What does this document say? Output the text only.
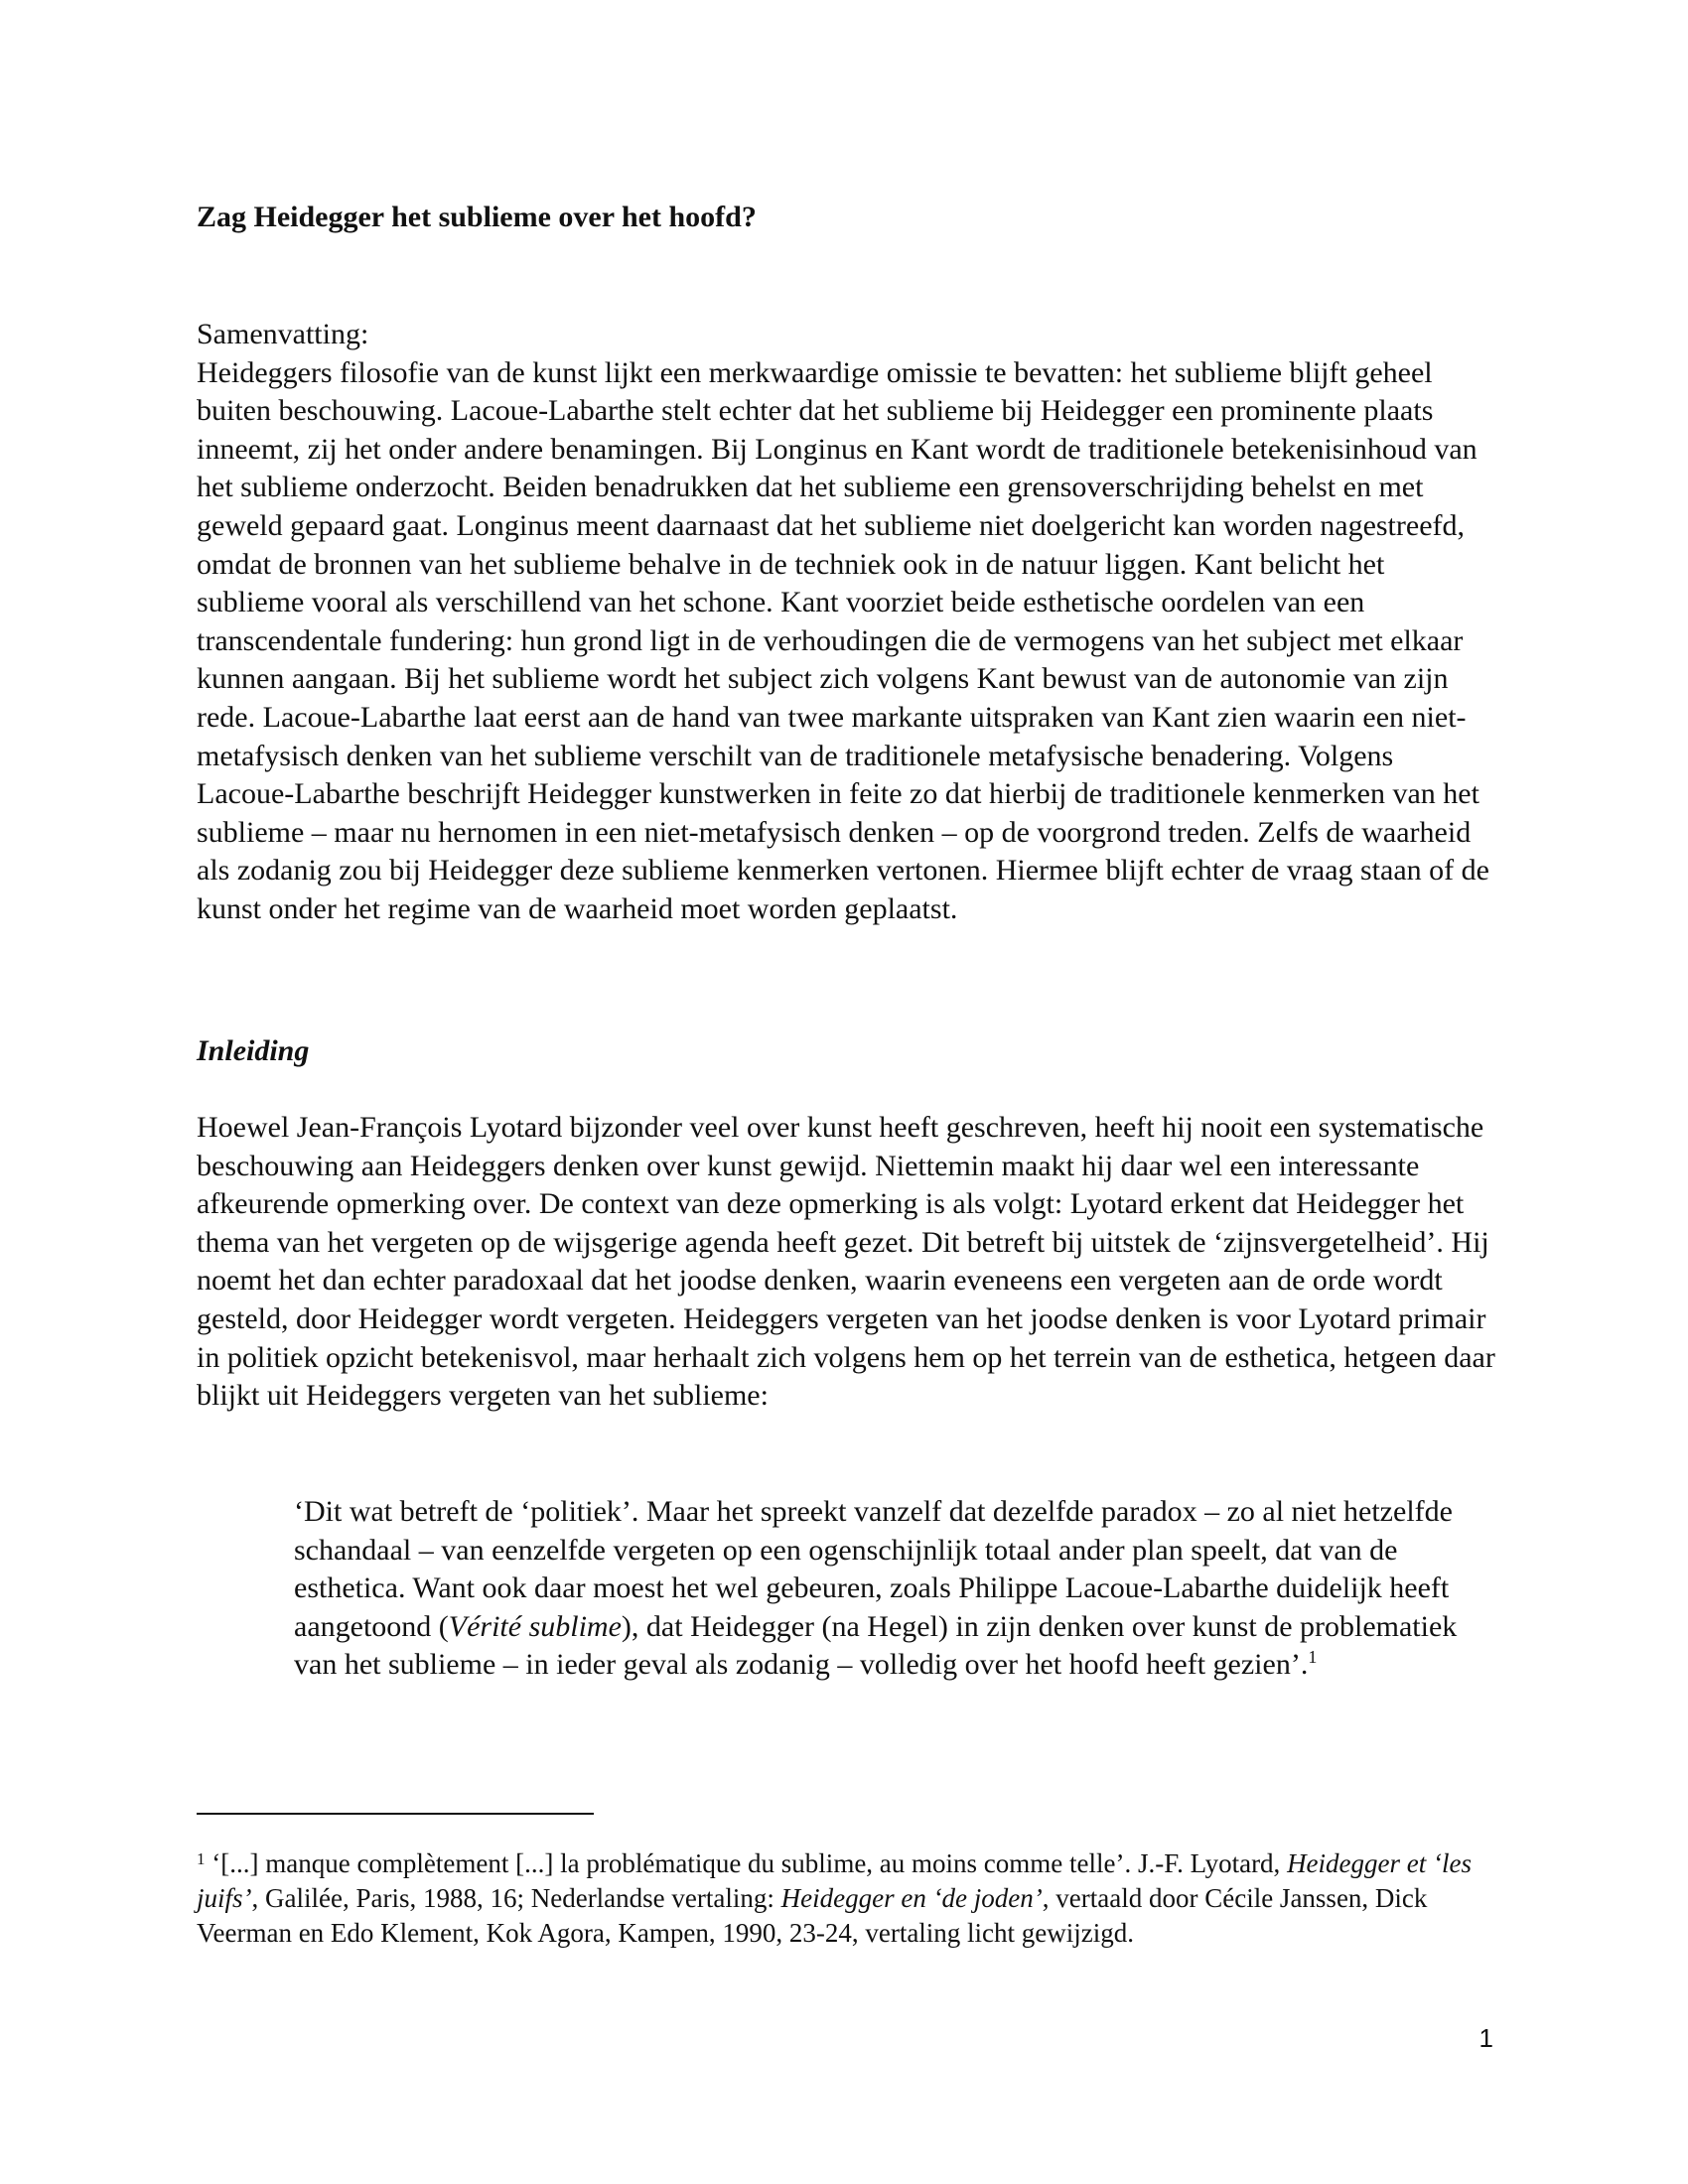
Zag Heidegger het sublieme over het hoofd?
Samenvatting:

Heideggers filosofie van de kunst lijkt een merkwaardige omissie te bevatten: het sublieme blijft geheel buiten beschouwing. Lacoue-Labarthe stelt echter dat het sublieme bij Heidegger een prominente plaats inneemt, zij het onder andere benamingen. Bij Longinus en Kant wordt de traditionele betekenisinhoud van het sublieme onderzocht. Beiden benadrukken dat het sublieme een grensoverschrijding behelst en met geweld gepaard gaat. Longinus meent daarnaast dat het sublieme niet doelgericht kan worden nagestreefd, omdat de bronnen van het sublieme behalve in de techniek ook in de natuur liggen. Kant belicht het sublieme vooral als verschillend van het schone. Kant voorziet beide esthetische oordelen van een transcendentale fundering: hun grond ligt in de verhoudingen die de vermogens van het subject met elkaar kunnen aangaan. Bij het sublieme wordt het subject zich volgens Kant bewust van de autonomie van zijn rede. Lacoue-Labarthe laat eerst aan de hand van twee markante uitspraken van Kant zien waarin een niet-metafysisch denken van het sublieme verschilt van de traditionele metafysische benadering. Volgens Lacoue-Labarthe beschrijft Heidegger kunstwerken in feite zo dat hierbij de traditionele kenmerken van het sublieme – maar nu hernomen in een niet-metafysisch denken – op de voorgrond treden. Zelfs de waarheid als zodanig zou bij Heidegger deze sublieme kenmerken vertonen. Hiermee blijft echter de vraag staan of de kunst onder het regime van de waarheid moet worden geplaatst.

Inleiding

Hoewel Jean-François Lyotard bijzonder veel over kunst heeft geschreven, heeft hij nooit een systematische beschouwing aan Heideggers denken over kunst gewijd. Niettemin maakt hij daar wel een interessante afkeurende opmerking over. De context van deze opmerking is als volgt: Lyotard erkent dat Heidegger het thema van het vergeten op de wijsgerige agenda heeft gezet. Dit betreft bij uitstek de ‘zijnsvergetelheid’. Hij noemt het dan echter paradoxaal dat het joodse denken, waarin eveneens een vergeten aan de orde wordt gesteld, door Heidegger wordt vergeten. Heideggers vergeten van het joodse denken is voor Lyotard primair in politiek opzicht betekenisvol, maar herhaalt zich volgens hem op het terrein van de esthetica, hetgeen daar blijkt uit Heideggers vergeten van het sublieme:

‘Dit wat betreft de ‘politiek’. Maar het spreekt vanzelf dat dezelfde paradox – zo al niet hetzelfde schandaal – van eenzelfde vergeten op een ogenschijnlijk totaal ander plan speelt, dat van de esthetica. Want ook daar moest het wel gebeuren, zoals Philippe Lacoue-Labarthe duidelijk heeft aangetoond (Vérité sublime), dat Heidegger (na Hegel) in zijn denken over kunst de problematiek van het sublieme – in ieder geval als zodanig – volledig over het hoofd heeft gezien’.$^1$

$^1$ ‘[...] manque complètement [...] la problématique du sublime, au moins comme telle’. J.-F. Lyotard, Heidegger et ‘les juifs’, Galilée, Paris, 1988, 16; Nederlandse vertaling: Heidegger en ‘de joden’, vertaald door Cécile Janssen, Dick Veerman en Edo Klement, Kok Agora, Kampen, 1990, 23-24, vertaling licht gewijzigd.

1
